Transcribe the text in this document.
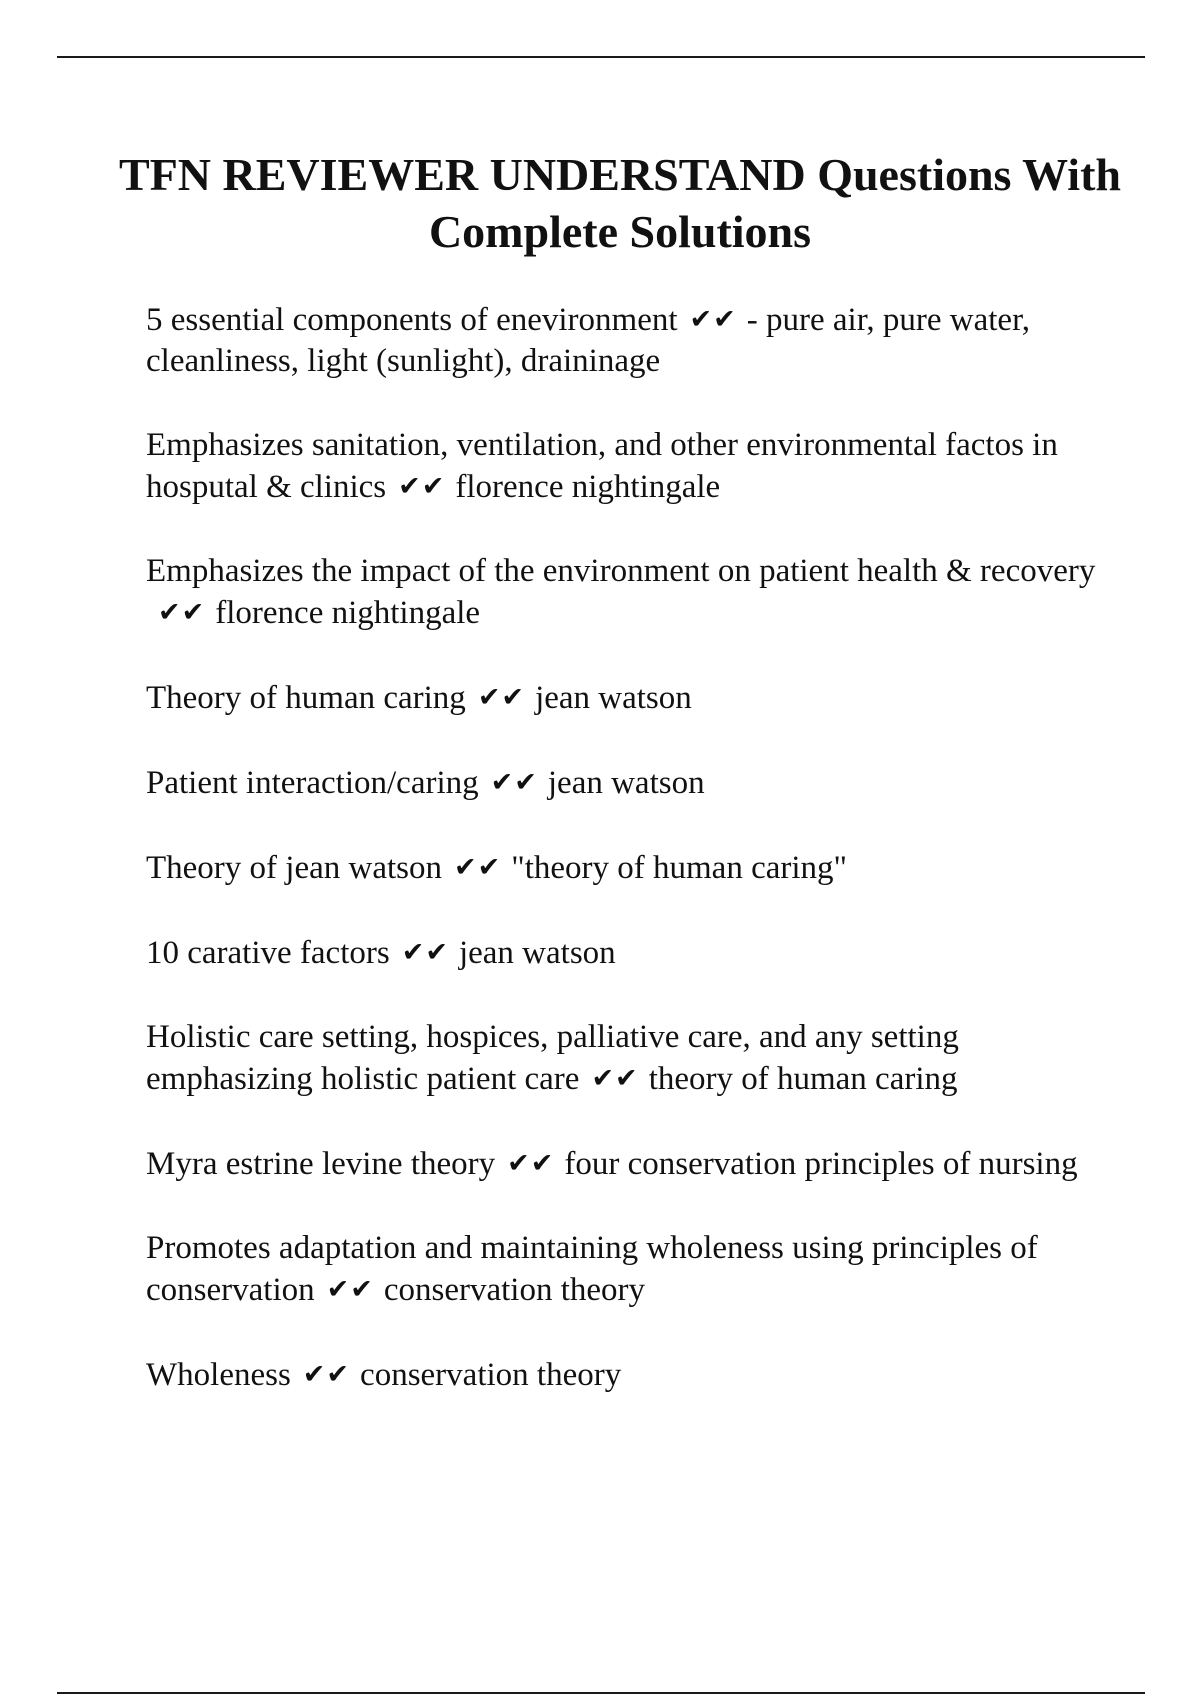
TFN REVIEWER UNDERSTAND Questions With Complete Solutions
5 essential components of enevironment ✔✔ - pure air, pure water, cleanliness, light (sunlight), draininage
Emphasizes sanitation, ventilation, and other environmental factos in hosputal & clinics ✔✔ florence nightingale
Emphasizes the impact of the environment on patient health & recovery✔✔ florence nightingale
Theory of human caring ✔✔ jean watson
Patient interaction/caring ✔✔ jean watson
Theory of jean watson ✔✔ "theory of human caring"
10 carative factors ✔✔ jean watson
Holistic care setting, hospices, palliative care, and any setting emphasizing holistic patient care ✔✔ theory of human caring
Myra estrine levine theory ✔✔ four conservation principles of nursing
Promotes adaptation and maintaining wholeness using principles of conservation ✔✔ conservation theory
Wholeness ✔✔ conservation theory
